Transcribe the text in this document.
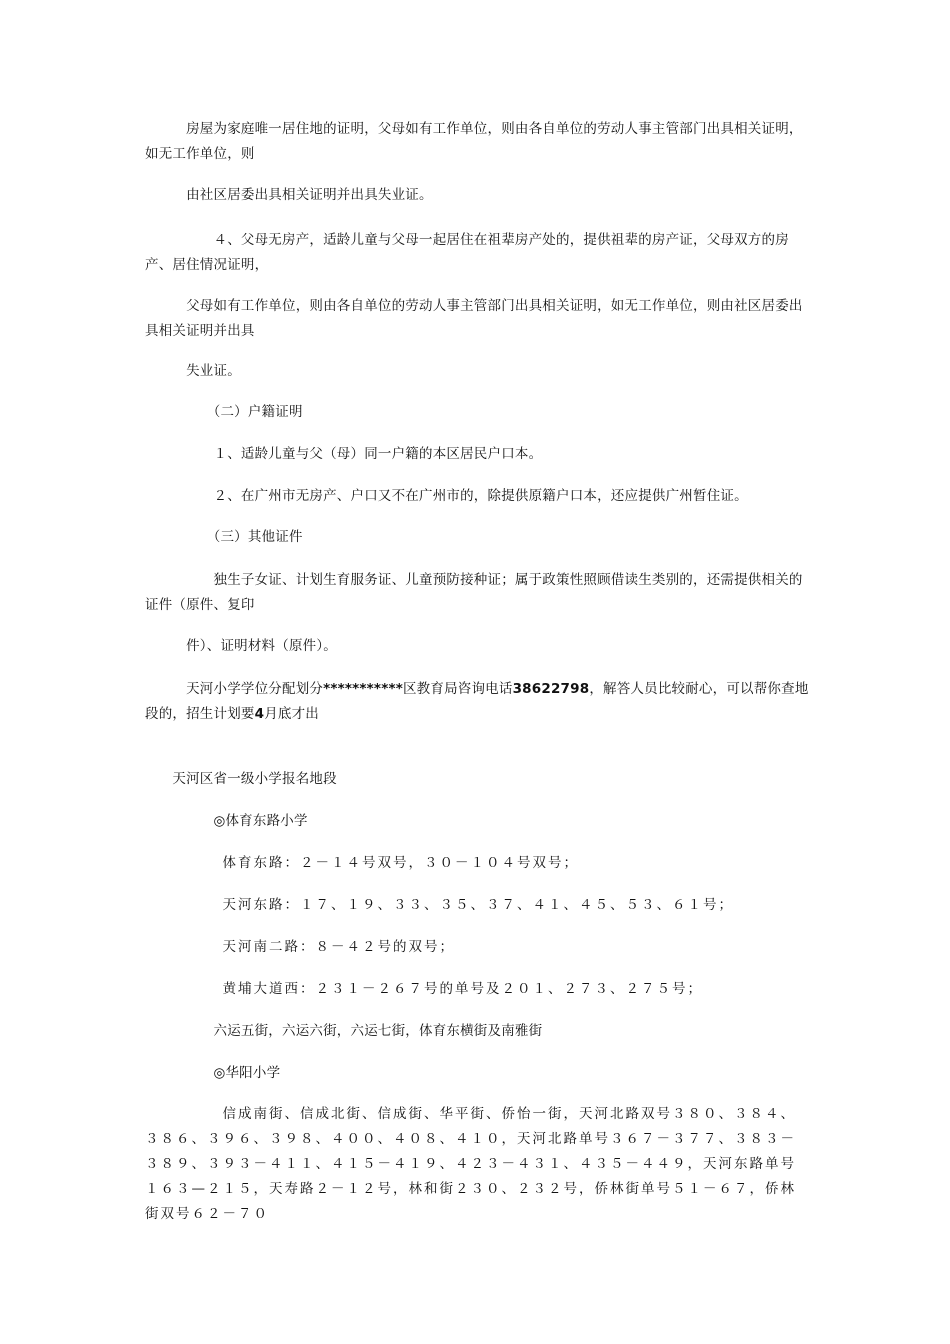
　　　房屋为家庭唯一居住地的证明，父母如有工作单位，则由各自单位的劳动人事主管部门出具相关证明，如无工作单位，则
　　　由社区居委出具相关证明并出具失业证。
　　　　　４、父母无房产，适龄儿童与父母一起居住在祖辈房产处的，提供祖辈的房产证，父母双方的房产、居住情况证明，
　　　父母如有工作单位，则由各自单位的劳动人事主管部门出具相关证明，如无工作单位，则由社区居委出具相关证明并出具
　　　失业证。
　　　　　（二）户籍证明
　　　　　１、适龄儿童与父（母）同一户籍的本区居民户口本。
　　　　　２、在广州市无房产、户口又不在广州市的，除提供原籍户口本，还应提供广州暂住证。
　　　　　（三）其他证件
　　　　　独生子女证、计划生育服务证、儿童预防接种证；属于政策性照顾借读生类别的，还需提供相关的证件（原件、复印
　　　件）、证明材料（原件）。
　　　天河小学学位分配划分***********区教育局咨询电话38622798，解答人员比较耐心，可以帮你查地段的，招生计划要4月底才出
　　天河区省一级小学报名地段
　　　　　◎体育东路小学
　　　　　体育东路：２－１４号双号，３０－１０４号双号；
　　　　　天河东路：１７、１９、３３、３５、３７、４１、４５、５３、６１号；
　　　　　天河南二路：８－４２号的双号；
　　　　　黄埔大道西：２３１－２６７号的单号及２０１、２７３、２７５号；
　　　　　六运五街，六运六街，六运七街，体育东横街及南雅街
　　　　　◎华阳小学
　　　　　信成南街、信成北街、信成街、华平街、侨怡一街，天河北路双号３８０、３８４、３８６、３９６、３９８、４００、４０８、４１０，天河北路单号３６７－３７７、３８３－３８９、３９３－４１１、４１５－４１９、４２３－４３１、４３５－４４９，天河东路单号１６３—２１５，天寿路２－１２号，林和街２３０、２３２号，侨林街单号５１－６７，侨林街双号６２－７０
